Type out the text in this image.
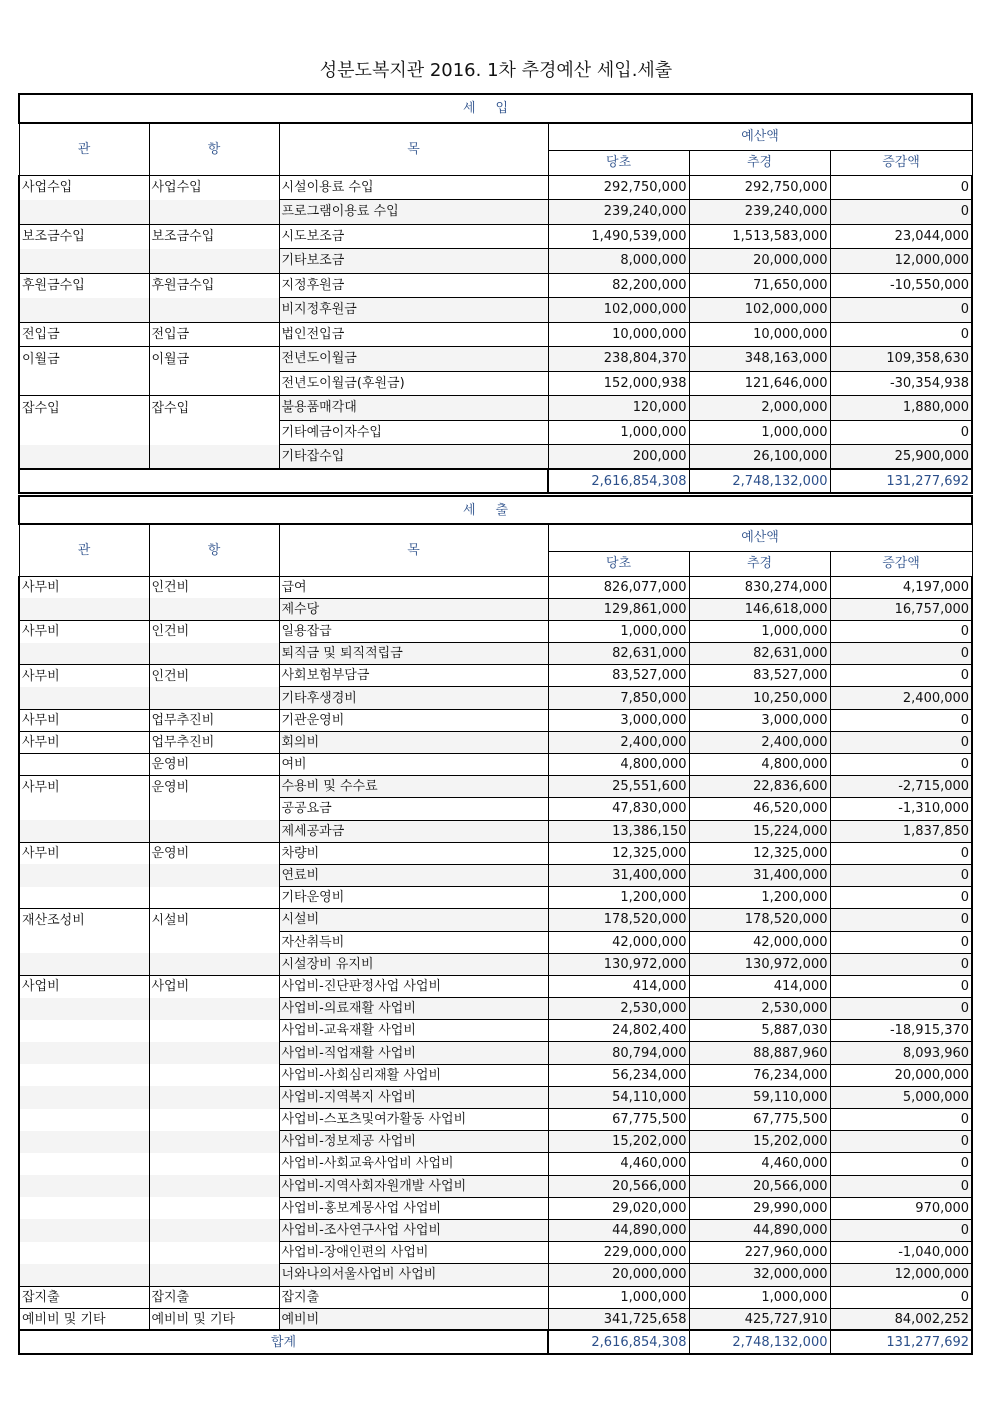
성분도복지관 2016. 1차 추경예산 세입.세출
세입					
관	항	목	예산액		
			당초	추경	증감액
사업수입	사업수입	시설이용료 수입	292,750,000	292,750,000	0
		프로그램이용료 수입	239,240,000	239,240,000	0
보조금수입	보조금수입	시도보조금	1,490,539,000	1,513,583,000	23,044,000
		기타보조금	8,000,000	20,000,000	12,000,000
후원금수입	후원금수입	지정후원금	82,200,000	71,650,000	-10,550,000
		비지정후원금	102,000,000	102,000,000	0
전입금	전입금	법인전입금	10,000,000	10,000,000	0
이월금	이월금	전년도이월금	238,804,370	348,163,000	109,358,630
		전년도이월금(후원금)	152,000,938	121,646,000	-30,354,938
잡수입	잡수입	불용품매각대	120,000	2,000,000	1,880,000
		기타예금이자수입	1,000,000	1,000,000	0
		기타잡수입	200,000	26,100,000	25,900,000
			2,616,854,308	2,748,132,000	131,277,692
세출					
관	항	목	예산액		
			당초	추경	증감액
사무비	인건비	급여	826,077,000	830,274,000	4,197,000
		제수당	129,861,000	146,618,000	16,757,000
사무비	인건비	일용잡급	1,000,000	1,000,000	0
		퇴직금 및 퇴직적립금	82,631,000	82,631,000	0
사무비	인건비	사회보험부담금	83,527,000	83,527,000	0
		기타후생경비	7,850,000	10,250,000	2,400,000
사무비	업무추진비	기관운영비	3,000,000	3,000,000	0
사무비	업무추진비	회의비	2,400,000	2,400,000	0
	운영비	여비	4,800,000	4,800,000	0
사무비	운영비	수용비 및 수수료	25,551,600	22,836,600	-2,715,000
		공공요금	47,830,000	46,520,000	-1,310,000
		제세공과금	13,386,150	15,224,000	1,837,850
사무비	운영비	차량비	12,325,000	12,325,000	0
		연료비	31,400,000	31,400,000	0
		기타운영비	1,200,000	1,200,000	0
재산조성비	시설비	시설비	178,520,000	178,520,000	0
		자산취득비	42,000,000	42,000,000	0
		시설장비 유지비	130,972,000	130,972,000	0
사업비	사업비	사업비-진단판정사업 사업비	414,000	414,000	0
		사업비-의료재활 사업비	2,530,000	2,530,000	0
		사업비-교육재활 사업비	24,802,400	5,887,030	-18,915,370
		사업비-직업재활 사업비	80,794,000	88,887,960	8,093,960
		사업비-사회심리재활 사업비	56,234,000	76,234,000	20,000,000
		사업비-지역복지 사업비	54,110,000	59,110,000	5,000,000
		사업비-스포츠및여가활동 사업비	67,775,500	67,775,500	0
		사업비-정보제공 사업비	15,202,000	15,202,000	0
		사업비-사회교육사업비 사업비	4,460,000	4,460,000	0
		사업비-지역사회자원개발 사업비	20,566,000	20,566,000	0
		사업비-홍보계몽사업 사업비	29,020,000	29,990,000	970,000
		사업비-조사연구사업 사업비	44,890,000	44,890,000	0
		사업비-장애인편의 사업비	229,000,000	227,960,000	-1,040,000
		너와나의서울사업비 사업비	20,000,000	32,000,000	12,000,000
잡지출	잡지출	잡지출	1,000,000	1,000,000	0
예비비 및 기타	예비비 및 기타	예비비	341,725,658	425,727,910	84,002,252
합계			2,616,854,308	2,748,132,000	131,277,692
